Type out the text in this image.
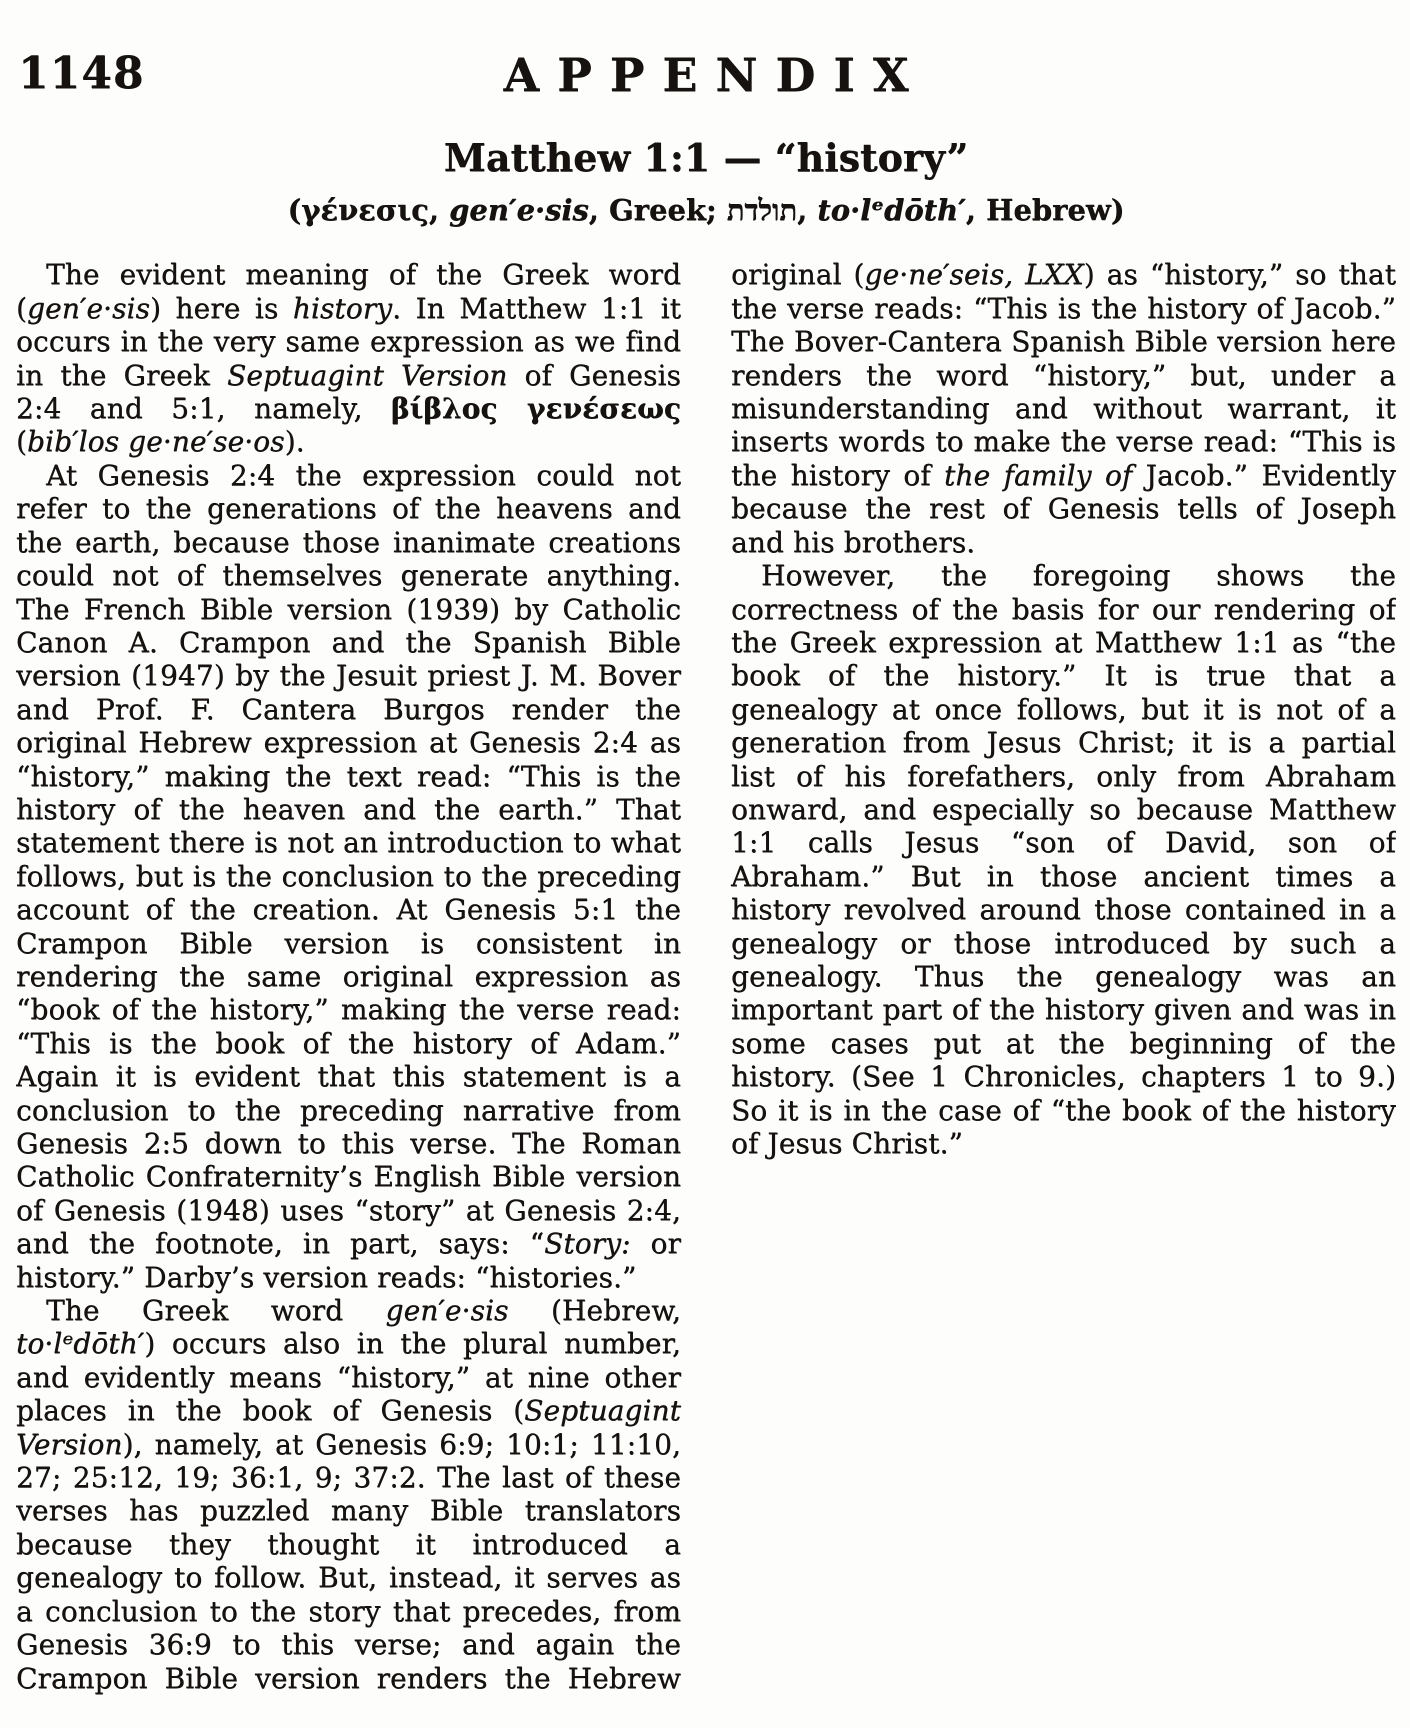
1148	APPENDIX
Matthew 1:1 — “history”
(γένεσις, gen′e·sis, Greek; תולדת, to·lᵉdōth′, Hebrew)

The evident meaning of the Greek word (gen′e·sis) here is history. In Matthew 1:1 it occurs in the very same expression as we find in the Greek Septuagint Version of Genesis 2:4 and 5:1, namely, βίβλος γενέσεως (bib′los ge·ne′se·os).

At Genesis 2:4 the expression could not refer to the generations of the heavens and the earth, because those inanimate creations could not of themselves generate anything. The French Bible version (1939) by Catholic Canon A. Crampon and the Spanish Bible version (1947) by the Jesuit priest J. M. Bover and Prof. F. Cantera Burgos render the original Hebrew expression at Genesis 2:4 as “history,” making the text read: “This is the history of the heaven and the earth.” That statement there is not an introduction to what follows, but is the conclusion to the preceding account of the creation. At Genesis 5:1 the Crampon Bible version is consistent in rendering the same original expression as “book of the history,” making the verse read: “This is the book of the history of Adam.” Again it is evident that this statement is a conclusion to the preceding narrative from Genesis 2:5 down to this verse. The Roman Catholic Confraternity’s English Bible version of Genesis (1948) uses “story” at Genesis 2:4, and the footnote, in part, says: “Story: or history.” Darby’s version reads: “histories.”

The Greek word gen′e·sis (Hebrew, to·lᵉdōth′) occurs also in the plural number, and evidently means “history,” at nine other places in the book of Genesis (Septuagint Version), namely, at Genesis 6:9; 10:1; 11:10, 27; 25:12, 19; 36:1, 9; 37:2. The last of these verses has puzzled many Bible translators because they thought it introduced a genealogy to follow. But, instead, it serves as a conclusion to the story that precedes, from Genesis 36:9 to this verse; and again the Crampon Bible version renders the Hebrew original (ge·ne′seis, LXX) as “history,” so that the verse reads: “This is the history of Jacob.” The Bover-Cantera Spanish Bible version here renders the word “history,” but, under a misunderstanding and without warrant, it inserts words to make the verse read: “This is the history of the family of Jacob.” Evidently because the rest of Genesis tells of Joseph and his brothers.

However, the foregoing shows the correctness of the basis for our rendering of the Greek expression at Matthew 1:1 as “the book of the history.” It is true that a genealogy at once follows, but it is not of a generation from Jesus Christ; it is a partial list of his forefathers, only from Abraham onward, and especially so because Matthew 1:1 calls Jesus “son of David, son of Abraham.” But in those ancient times a history revolved around those contained in a genealogy or those introduced by such a genealogy. Thus the genealogy was an important part of the history given and was in some cases put at the beginning of the history. (See 1 Chronicles, chapters 1 to 9.) So it is in the case of “the book of the history of Jesus Christ.”
